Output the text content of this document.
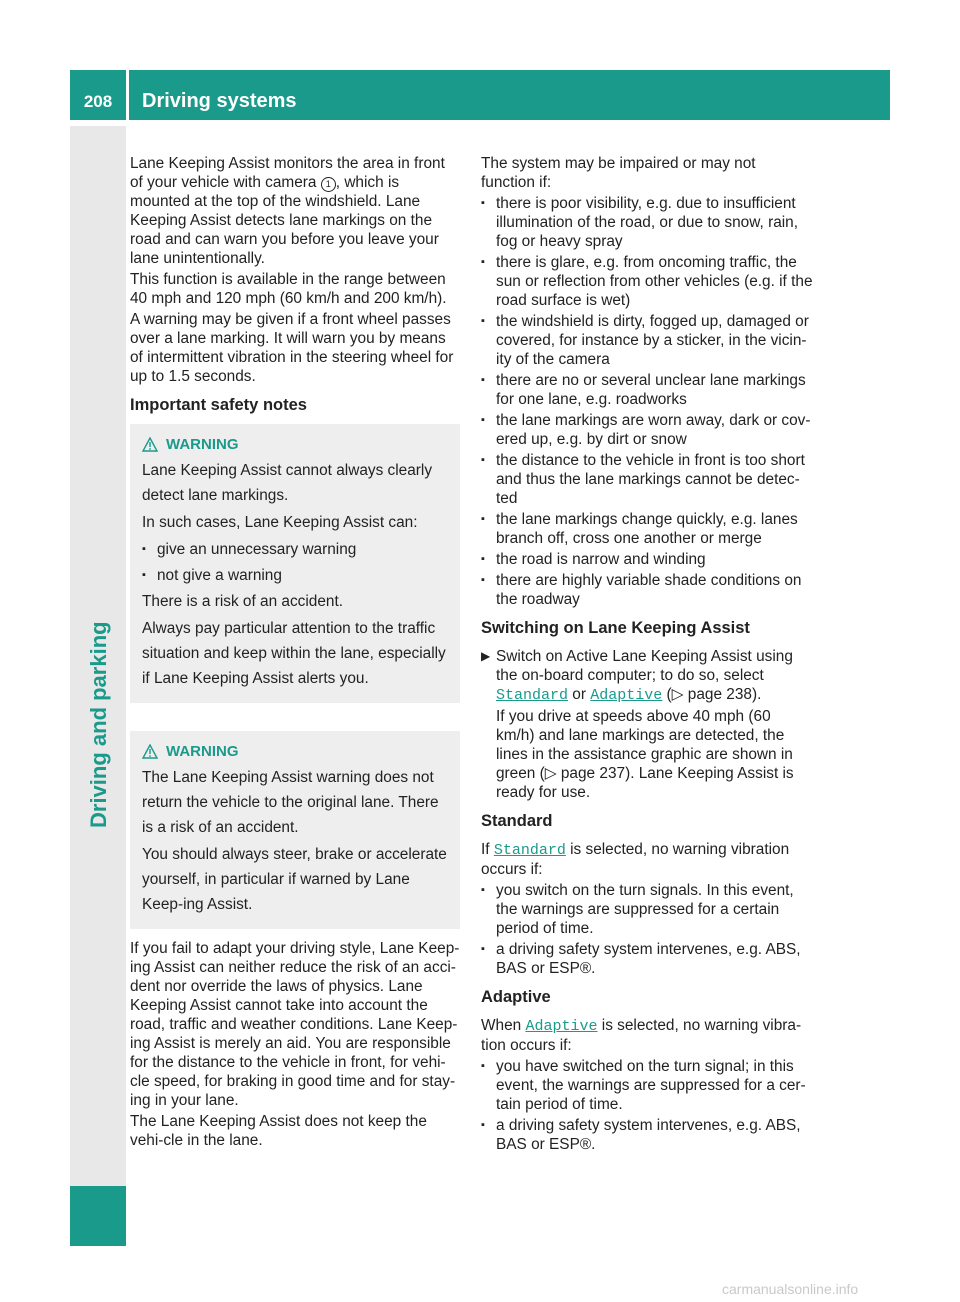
208	Driving systems
Driving and parking

Lane Keeping Assist monitors the area in front of your vehicle with camera 1 , which is mounted at the top of the windshield. Lane Keeping Assist detects lane markings on the road and can warn you before you leave your lane unintentionally.

This function is available in the range between 40 mph and 120 mph (60 km/h and 200 km/h).

A warning may be given if a front wheel passes over a lane marking. It will warn you by means of intermittent vibration in the steering wheel for up to 1.5 seconds.

Important safety notes
WARNING

Lane Keeping Assist cannot always clearly detect lane markings.

In such cases, Lane Keeping Assist can:

▪ give an unnecessary warning
▪ not give a warning

There is a risk of an accident.

Always pay particular attention to the traffic situation and keep within the lane, especially if Lane Keeping Assist alerts you.

WARNING

The Lane Keeping Assist warning does not return the vehicle to the original lane. There is a risk of an accident.

You should always steer, brake or accelerate yourself, in particular if warned by Lane Keep-ing Assist.

If you fail to adapt your driving style, Lane Keep-ing Assist can neither reduce the risk of an acci-dent nor override the laws of physics. Lane Keeping Assist cannot take into account the road, traffic and weather conditions. Lane Keep-ing Assist is merely an aid. You are responsible for the distance to the vehicle in front, for vehi-cle speed, for braking in good time and for stay-ing in your lane.

The Lane Keeping Assist does not keep the vehi-cle in the lane.

The system may be impaired or may not function if:

▪ there is poor visibility, e.g. due to insufficient illumination of the road, or due to snow, rain, fog or heavy spray
▪ there is glare, e.g. from oncoming traffic, the sun or reflection from other vehicles (e.g. if the road surface is wet)
▪ the windshield is dirty, fogged up, damaged or covered, for instance by a sticker, in the vicin-ity of the camera
▪ there are no or several unclear lane markings for one lane, e.g. roadworks
▪ the lane markings are worn away, dark or cov-ered up, e.g. by dirt or snow
▪ the distance to the vehicle in front is too short and thus the lane markings cannot be detec-ted
▪ the lane markings change quickly, e.g. lanes branch off, cross one another or merge
▪ the road is narrow and winding
▪ there are highly variable shade conditions on the roadway
Switching on Lane Keeping Assist
▶ Switch on Active Lane Keeping Assist using the on-board computer; to do so, select Standard or Adaptive (▷ page 238).

If you drive at speeds above 40 mph (60 km/h) and lane markings are detected, the lines in the assistance graphic are shown in green (▷ page 237). Lane Keeping Assist is ready for use.

Standard

If Standard is selected, no warning vibration occurs if:

▪ you switch on the turn signals. In this event, the warnings are suppressed for a certain period of time.
▪ a driving safety system intervenes, e.g. ABS, BAS or ESP®.
Adaptive

When Adaptive is selected, no warning vibra-tion occurs if:

▪ you have switched on the turn signal; in this event, the warnings are suppressed for a cer-tain period of time.
▪ a driving safety system intervenes, e.g. ABS, BAS or ESP®.
carmanualsonline.info
